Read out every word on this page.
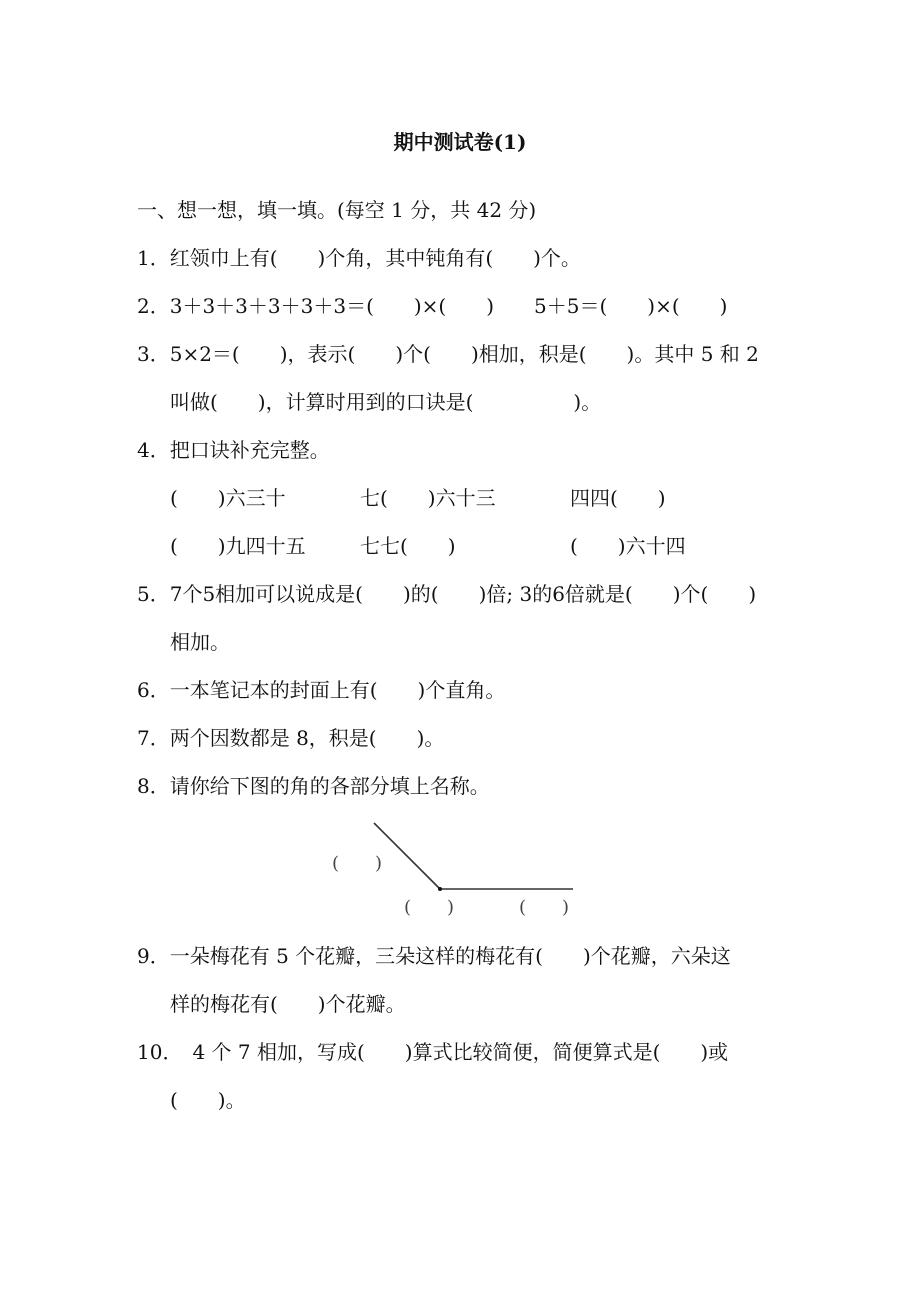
期中测试卷(1)
一、想一想，填一填。(每空 1 分，共 42 分)
1．红领巾上有(　　)个角，其中钝角有(　　)个。
2．3＋3＋3＋3＋3＋3＝(　　)×(　　)　　5＋5＝(　　)×(　　)
3．5×2＝(　　)，表示(　　)个(　　)相加，积是(　　)。其中 5 和 2
叫做(　　)，计算时用到的口诀是(　　　　　)。
4．把口诀补充完整。
(　　)六三十	七(　　)六十三	四四(　　)
(　　)九四十五	七七(　　)	(　　)六十四
5．7个5相加可以说成是(　　)的(　　)倍; 3的6倍就是(　　)个(　　)
相加。
6．一本笔记本的封面上有(　　)个直角。
7．两个因数都是 8，积是(　　)。
8．请你给下图的角的各部分填上名称。
(　　)
(　　)	(　　)
9．一朵梅花有 5 个花瓣，三朵这样的梅花有(　　)个花瓣，六朵这
样的梅花有(　　)个花瓣。
10．　4 个 7 相加，写成(　　)算式比较简便，简便算式是(　　)或
(　　)。
